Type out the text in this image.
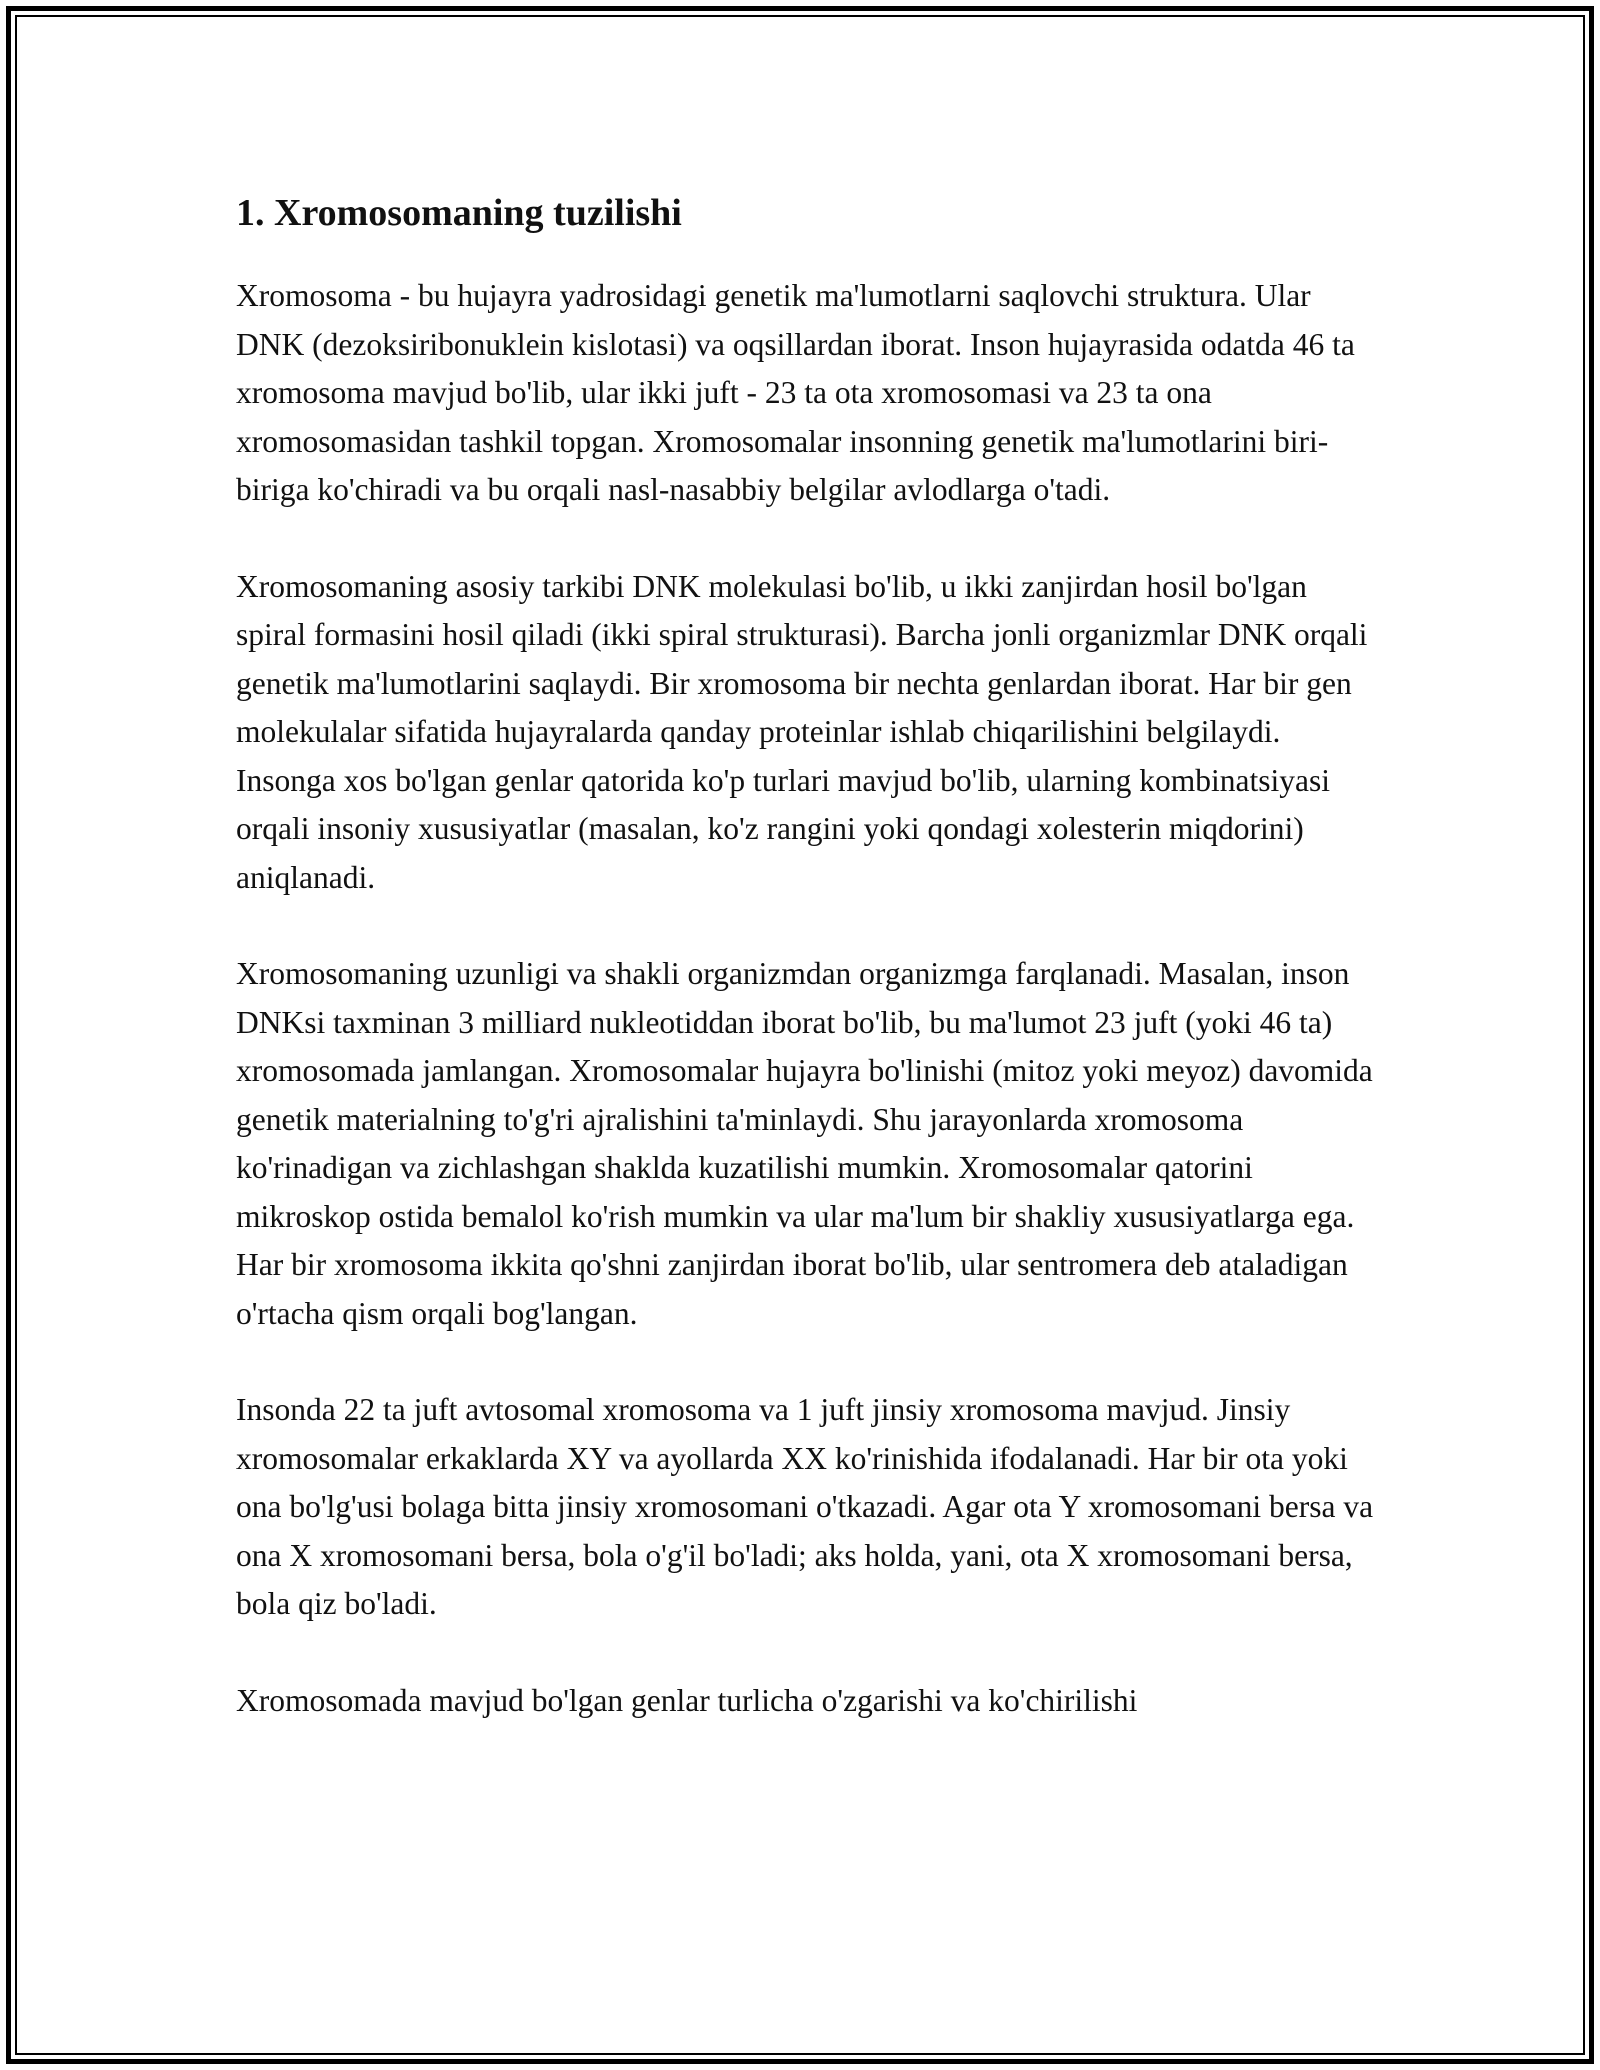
1. Xromosomaning tuzilishi

Xromosoma - bu hujayra yadrosidagi genetik ma'lumotlarni saqlovchi struktura. Ular DNK (dezoksiribonuklein kislotasi) va oqsillardan iborat. Inson hujayrasida odatda 46 ta xromosoma mavjud bo'lib, ular ikki juft - 23 ta ota xromosomasi va 23 ta ona xromosomasidan tashkil topgan. Xromosomalar insonning genetik ma'lumotlarini biri-biriga ko'chiradi va bu orqali nasl-nasabbiy belgilar avlodlarga o'tadi.

Xromosomaning asosiy tarkibi DNK molekulasi bo'lib, u ikki zanjirdan hosil bo'lgan spiral formasini hosil qiladi (ikki spiral strukturasi). Barcha jonli organizmlar DNK orqali genetik ma'lumotlarini saqlaydi. Bir xromosoma bir nechta genlardan iborat. Har bir gen molekulalar sifatida hujayralarda qanday proteinlar ishlab chiqarilishini belgilaydi. Insonga xos bo'lgan genlar qatorida ko'p turlari mavjud bo'lib, ularning kombinatsiyasi orqali insoniy xususiyatlar (masalan, ko'z rangini yoki qondagi xolesterin miqdorini) aniqlanadi.

Xromosomaning uzunligi va shakli organizmdan organizmga farqlanadi. Masalan, inson DNKsi taxminan 3 milliard nukleotiddan iborat bo'lib, bu ma'lumot 23 juft (yoki 46 ta) xromosomada jamlangan. Xromosomalar hujayra bo'linishi (mitoz yoki meyoz) davomida genetik materialning to'g'ri ajralishini ta'minlaydi. Shu jarayonlarda xromosoma ko'rinadigan va zichlashgan shakldа kuzatilishi mumkin. Xromosomalar qatorini mikroskop ostida bemalol ko'rish mumkin va ular ma'lum bir shakliy xususiyatlarga ega. Har bir xromosoma ikkita qo'shni zanjirdan iborat bo'lib, ular sentromera deb ataladigan o'rtacha qism orqali bog'langan.

Insonda 22 ta juft avtosomal xromosoma va 1 juft jinsiy xromosoma mavjud. Jinsiy xromosomalar erkaklarda XY va ayollarda XX ko'rinishida ifodalanadi. Har bir ota yoki ona bo'lg'usi bolaga bitta jinsiy xromosomani o'tkazadi. Agar ota Y xromosomani bersa va ona X xromosomani bersa, bola o'g'il bo'ladi; aks holda, yani, ota X xromosomani bersa, bola qiz bo'ladi.

Xromosomada mavjud bo'lgan genlar turlicha o'zgarishi va ko'chirilishi
